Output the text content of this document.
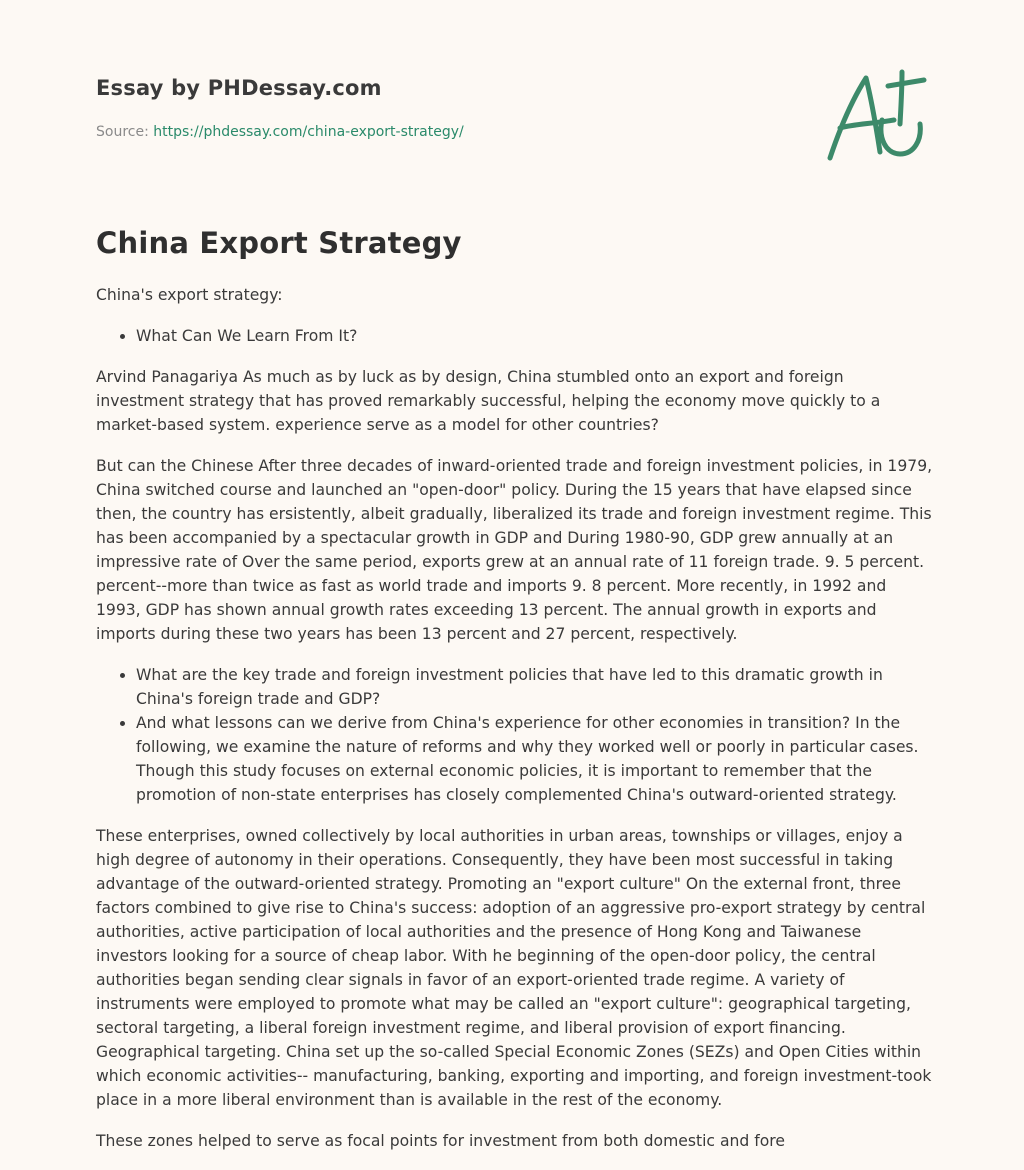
Essay by PHDessay.com
Source: https://phdessay.com/china-export-strategy/
China Export Strategy

China's export strategy:

• What Can We Learn From It?

Arvind Panagariya As much as by luck as by design, China stumbled onto an export and foreign investment strategy that has proved remarkably successful, helping the economy move quickly to a market-based system. experience serve as a model for other countries?

But can the Chinese After three decades of inward-oriented trade and foreign investment policies, in 1979, China switched course and launched an "open-door" policy. During the 15 years that have elapsed since then, the country has ersistently, albeit gradually, liberalized its trade and foreign investment regime. This has been accompanied by a spectacular growth in GDP and During 1980-90, GDP grew annually at an impressive rate of Over the same period, exports grew at an annual rate of 11 foreign trade. 9. 5 percent. percent--more than twice as fast as world trade and imports 9. 8 percent. More recently, in 1992 and 1993, GDP has shown annual growth rates exceeding 13 percent. The annual growth in exports and imports during these two years has been 13 percent and 27 percent, respectively.

• What are the key trade and foreign investment policies that have led to this dramatic growth in China's foreign trade and GDP?
• And what lessons can we derive from China's experience for other economies in transition? In the following, we examine the nature of reforms and why they worked well or poorly in particular cases. Though this study focuses on external economic policies, it is important to remember that the promotion of non-state enterprises has closely complemented China's outward-oriented strategy.

These enterprises, owned collectively by local authorities in urban areas, townships or villages, enjoy a high degree of autonomy in their operations. Consequently, they have been most successful in taking advantage of the outward-oriented strategy. Promoting an "export culture" On the external front, three factors combined to give rise to China's success: adoption of an aggressive pro-export strategy by central authorities, active participation of local authorities and the presence of Hong Kong and Taiwanese investors looking for a source of cheap labor. With he beginning of the open-door policy, the central authorities began sending clear signals in favor of an export-oriented trade regime. A variety of instruments were employed to promote what may be called an "export culture": geographical targeting, sectoral targeting, a liberal foreign investment regime, and liberal provision of export financing. Geographical targeting. China set up the so-called Special Economic Zones (SEZs) and Open Cities within which economic activities-- manufacturing, banking, exporting and importing, and foreign investment-took place in a more liberal environment than is available in the rest of the economy.

These zones helped to serve as focal points for investment from both domestic and fore
